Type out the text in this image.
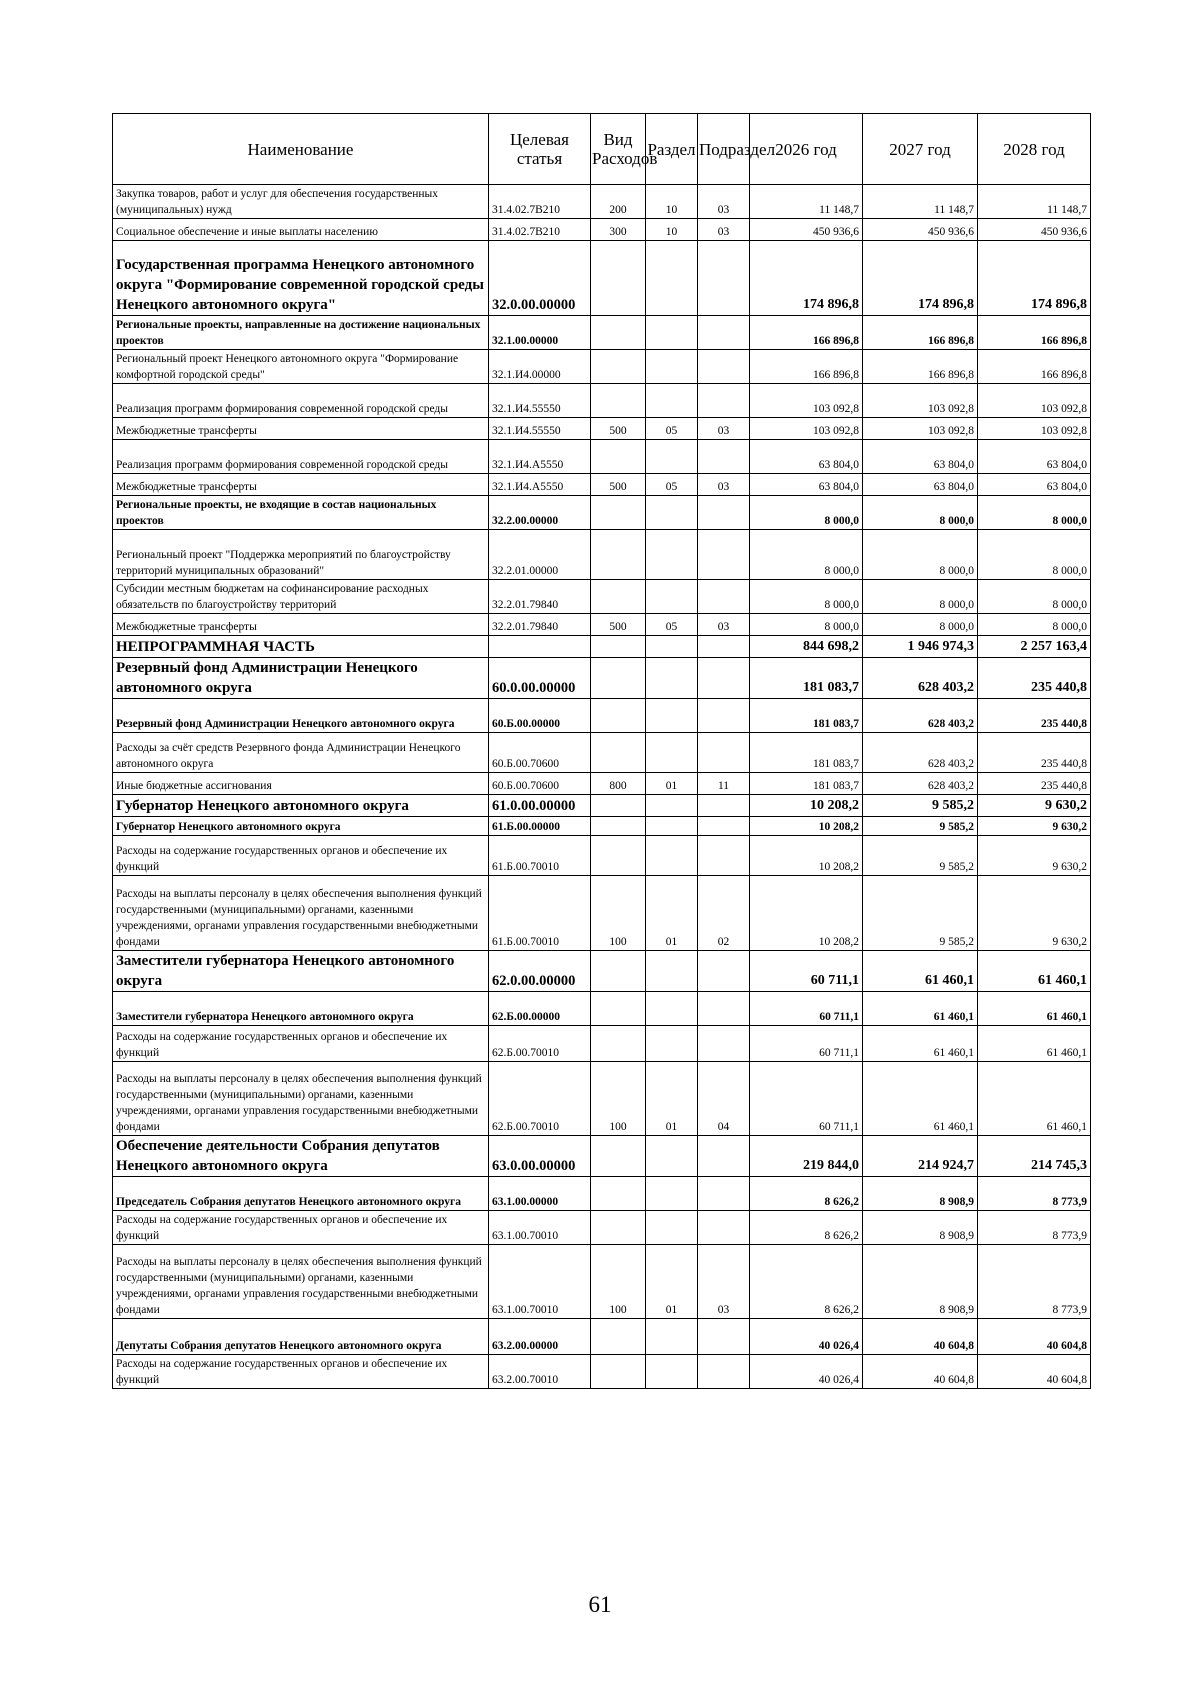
Наименование	Целевая статья	Вид Расходов	Раздел	Подраздел	2026 год	2027 год	2028 год
Закупка товаров, работ и услуг для обеспечения государственных (муниципальных) нужд	31.4.02.7В210	200	10	03	11 148,7	11 148,7	11 148,7
Социальное обеспечение и иные выплаты населению	31.4.02.7В210	300	10	03	450 936,6	450 936,6	450 936,6
Государственная программа Ненецкого автономного округа "Формирование современной городской среды Ненецкого автономного округа"	32.0.00.00000				174 896,8	174 896,8	174 896,8
Региональные проекты, направленные на достижение национальных проектов	32.1.00.00000				166 896,8	166 896,8	166 896,8
Региональный проект Ненецкого автономного округа "Формирование комфортной городской среды"	32.1.И4.00000				166 896,8	166 896,8	166 896,8
Реализация программ формирования современной городской среды	32.1.И4.55550				103 092,8	103 092,8	103 092,8
Межбюджетные трансферты	32.1.И4.55550	500	05	03	103 092,8	103 092,8	103 092,8
Реализация программ формирования современной городской среды	32.1.И4.А5550				63 804,0	63 804,0	63 804,0
Межбюджетные трансферты	32.1.И4.А5550	500	05	03	63 804,0	63 804,0	63 804,0
Региональные проекты, не входящие в состав национальных проектов	32.2.00.00000				8 000,0	8 000,0	8 000,0
Региональный проект "Поддержка мероприятий по благоустройству территорий муниципальных образований"	32.2.01.00000				8 000,0	8 000,0	8 000,0
Субсидии местным бюджетам на софинансирование расходных обязательств по благоустройству территорий	32.2.01.79840				8 000,0	8 000,0	8 000,0
Межбюджетные трансферты	32.2.01.79840	500	05	03	8 000,0	8 000,0	8 000,0
НЕПРОГРАММНАЯ ЧАСТЬ					844 698,2	1 946 974,3	2 257 163,4
Резервный фонд Администрации Ненецкого автономного округа	60.0.00.00000				181 083,7	628 403,2	235 440,8
Резервный фонд Администрации Ненецкого автономного округа	60.Б.00.00000				181 083,7	628 403,2	235 440,8
Расходы за счёт средств Резервного фонда Администрации Ненецкого автономного округа	60.Б.00.70600				181 083,7	628 403,2	235 440,8
Иные бюджетные ассигнования	60.Б.00.70600	800	01	11	181 083,7	628 403,2	235 440,8
Губернатор Ненецкого автономного округа	61.0.00.00000				10 208,2	9 585,2	9 630,2
Губернатор Ненецкого автономного округа	61.Б.00.00000				10 208,2	9 585,2	9 630,2
Расходы на содержание государственных органов и обеспечение их функций	61.Б.00.70010				10 208,2	9 585,2	9 630,2
Расходы на выплаты персоналу в целях обеспечения выполнения функций государственными (муниципальными) органами, казенными учреждениями, органами управления государственными внебюджетными фондами	61.Б.00.70010	100	01	02	10 208,2	9 585,2	9 630,2
Заместители губернатора Ненецкого автономного округа	62.0.00.00000				60 711,1	61 460,1	61 460,1
Заместители губернатора Ненецкого автономного округа	62.Б.00.00000				60 711,1	61 460,1	61 460,1
Расходы на содержание государственных органов и обеспечение их функций	62.Б.00.70010				60 711,1	61 460,1	61 460,1
Расходы на выплаты персоналу в целях обеспечения выполнения функций государственными (муниципальными) органами, казенными учреждениями, органами управления государственными внебюджетными фондами	62.Б.00.70010	100	01	04	60 711,1	61 460,1	61 460,1
Обеспечение деятельности Собрания депутатов Ненецкого автономного округа	63.0.00.00000				219 844,0	214 924,7	214 745,3
Председатель Собрания депутатов Ненецкого автономного округа	63.1.00.00000				8 626,2	8 908,9	8 773,9
Расходы на содержание государственных органов и обеспечение их функций	63.1.00.70010				8 626,2	8 908,9	8 773,9
Расходы на выплаты персоналу в целях обеспечения выполнения функций государственными (муниципальными) органами, казенными учреждениями, органами управления государственными внебюджетными фондами	63.1.00.70010	100	01	03	8 626,2	8 908,9	8 773,9
Депутаты Собрания депутатов Ненецкого автономного округа	63.2.00.00000				40 026,4	40 604,8	40 604,8
Расходы на содержание государственных органов и обеспечение их функций	63.2.00.70010				40 026,4	40 604,8	40 604,8
61
